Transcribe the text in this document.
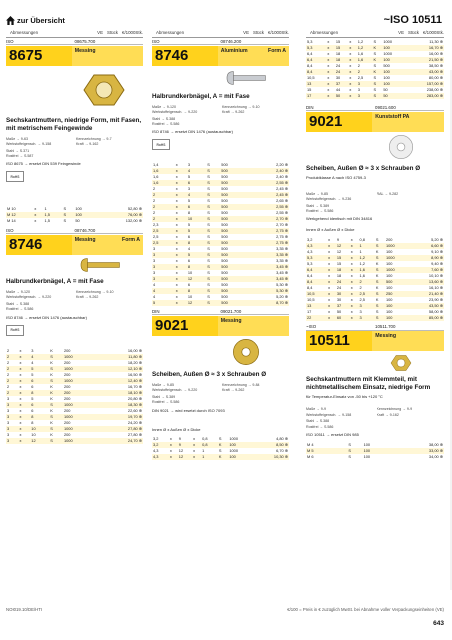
zur Übersicht	~ISO 10511
Abmessungen	VE Stück €/1000Stk.
ISO	08675.700
8675	Messing
Sechskantmuttern, niedrige Form, mit Fasen, mit metrischem Feingewinde
Maße → 9-63	Kennzeichnung → 9-7
Werkstoffeigensch. → 9-158	Kraft → 9-162
Stahl → S.371
Rostfrei → S.587
ISO 8675 → ersetzt DIN 539 Feingewinde
RoHS
M 10	x	1	S	100	52,80 ⊕
M 12	x	1,5	S	100	76,00 ⊕
M 14	x	1,5	S	50	132,00 ⊕
ISO	08746.700
8746	Messing	Form A
Halbrundkerbnägel, A = mit Fase
Maße → 9-120	Kennzeichnung → 9-10
Werkstoffeigensch. → 9-220	Kraft → 9-262
Stahl → S.388
Rostfrei → S.586
ISO 8746 → ersetzt DIN 1476 (austauschbar)
RoHS
2	x	3	K	200	16,00 ⊕
2	x	4	S	1000	11,80 ⊕
2	x	4	K	200	18,20 ⊕
2	x	5	S	1000	12,10 ⊕
2	x	5	K	200	16,50 ⊕
2	x	6	S	1000	12,40 ⊕
2	x	6	K	200	16,70 ⊕
2	x	8	K	200	18,10 ⊕
3	x	5	K	200	20,80 ⊕
3	x	6	S	1000	18,30 ⊕
3	x	6	K	200	22,60 ⊕
3	x	8	S	1000	19,70 ⊕
3	x	8	K	200	24,20 ⊕
3	x	10	S	1000	27,80 ⊕
3	x	10	K	200	27,80 ⊕
3	x	12	S	1000	24,70 ⊕
Abmessungen	VE Stück €/1000Stk.
ISO	08746.200
8746	Aluminium	Form A
Halbrundkerbnägel, A = mit Fase
Maße → 9-120	Kennzeichnung → 9-10
Werkstoffeigensch. → 9-220	Kraft → 9-262
Stahl → S.388
Rostfrei → S.586
ISO 8746 → ersetzt DIN 1476 (austauschbar)
RoHS
1,4	x	3	S	500	2,20 ⊕
1,6	x	4	S	500	2,40 ⊕
1,6	x	5	S	500	2,40 ⊕
1,6	x	6	S	500	2,55 ⊕
2	x	3	S	500	2,45 ⊕
2	x	4	S	500	2,45 ⊕
2	x	5	S	500	2,65 ⊕
2	x	6	S	500	2,55 ⊕
2	x	8	S	500	2,55 ⊕
2	x	10	S	500	2,70 ⊕
2,3	x	5	S	500	2,70 ⊕
2,5	x	5	S	500	2,75 ⊕
2,5	x	6	S	500	2,75 ⊕
2,5	x	8	S	500	2,75 ⊕
3	x	4	S	500	3,35 ⊕
3	x	5	S	500	3,35 ⊕
3	x	6	S	500	3,35 ⊕
3	x	8	S	500	3,45 ⊕
3	x	10	S	500	3,45 ⊕
3	x	12	S	500	3,45 ⊕
4	x	6	S	500	5,30 ⊕
4	x	8	S	500	5,30 ⊕
4	x	10	S	500	5,20 ⊕
5	x	12	S	500	8,70 ⊕
DIN	09021.700
9021	Messing
Scheiben, Außen Ø ≈ 3 x Schrauben Ø
Maße → 9-85	Kennzeichnung → 9-84
Werkstoffeigensch. → 9-220	Kraft → 9-262
Stahl → S.389
Rostfrei → S.586
DIN 9021 → wird ersetzt durch ISO 7093
Innen Ø x Außen Ø x Dicke
3,2	x	9	x	0,8	S	1000	4,80 ⊕
3,2	x	9	x	0,8	K	100	8,50 ⊕
4,3	x	12	x	1	S	1000	6,70 ⊕
4,3	x	12	x	1	K	100	10,30 ⊕
Abmessungen	VE Stück €/1000Stk.
5,3	x	15	x	1,2	S	1000	11,30 ⊕
5,3	x	15	x	1,2	K	100	16,70 ⊕
6,4	x	18	x	1,6	S	1000	16,00 ⊕
6,4	x	18	x	1,6	K	100	21,50 ⊕
8,4	x	24	x	2	S	500	38,50 ⊕
8,4	x	24	x	2	K	100	43,00 ⊕
10,5	x	30	x	2,5	S	100	80,00 ⊕
13	x	37	x	3	S	100	157,00 ⊕
15	x	44	x	3	S	50	238,00 ⊕
17	x	50	x	3	S	50	283,00 ⊕
DIN	09021.600
9021	Kunststoff PA
Scheiben, Außen Ø ≈ 3 x Schrauben Ø
Produktklasse A nach ISO 4759-3
Maße → 9-85	RAL → 9-282
Werkstoffeigensch. → 9-236
Stahl → S.389
Rostfrei → S.586
Werkgehend identisch mit DIN 34816
Innen Ø x Außen Ø x Dicke
3,2	x	9	x	0,8	S	200	5,20 ⊕
4,3	x	12	x	1	S	1000	6,60 ⊕
4,3	x	12	x	1	K	100	9,10 ⊕
5,3	x	15	x	1,2	S	1000	8,90 ⊕
5,3	x	15	x	1,2	K	100	9,40 ⊕
6,4	x	18	x	1,6	S	1000	7,60 ⊕
6,4	x	18	x	1,6	K	100	10,10 ⊕
8,4	x	24	x	2	S	500	13,60 ⊕
8,4	x	24	x	2	K	100	16,10 ⊕
10,5	x	30	x	2,5	S	250	21,40 ⊕
10,5	x	30	x	2,5	K	100	23,90 ⊕
13	x	37	x	3	S	100	43,50 ⊕
17	x	50	x	3	S	100	58,00 ⊕
22	x	60	x	3	S	100	85,00 ⊕
~ISO	10511.700
10511	Messing
Sechskantmuttern mit Klemmteil, mit nichtmetallischem Einsatz, niedrige Form
für Temperatur-Einsatz von -50 bis +120 °C
Maße → 9-9	Kennzeichnung → 9-9
Werkstoffeigensch. → 9-158	Kraft → 9-162
Stahl → S.388
Rostfrei → S.586
ISO 10511 → ersetzt DIN 985
M 4			S	100	38,00 ⊕
M 5			S	100	33,00 ⊕
M 6			S	100	34,00 ⊕
NOI019.10/DE/HTI	€/100 = Preis in € zuzüglich MwSt. bei Abnahme voller Verpackungseinheiten (VE)
643
